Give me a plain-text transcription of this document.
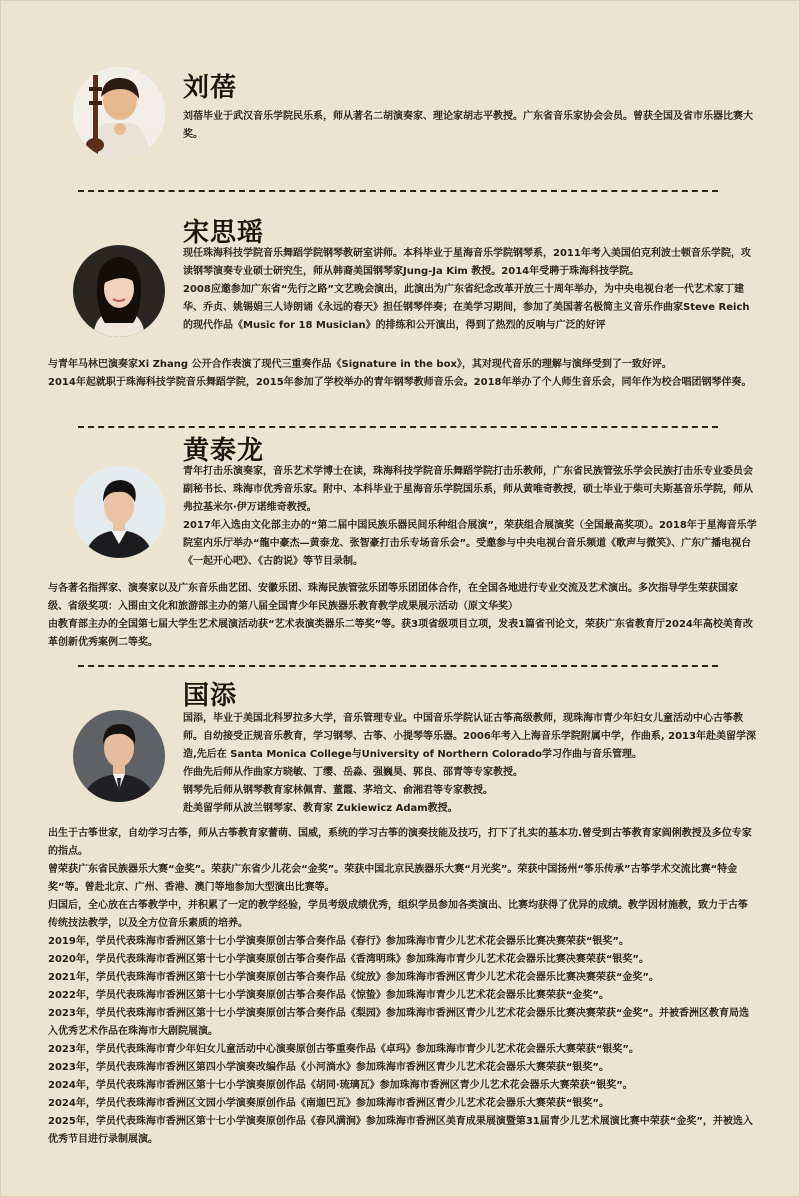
刘蓓

刘蓓毕业于武汉音乐学院民乐系，师从著名二胡演奏家、理论家胡志平教授。广东省音乐家协会会员。曾获全国及省市乐器比赛大奖。

宋思瑶

现任珠海科技学院音乐舞蹈学院钢琴教研室讲师。本科毕业于星海音乐学院钢琴系，2011年考入美国伯克利波士顿音乐学院，攻读钢琴演奏专业硕士研究生，师从韩裔美国钢琴家Jung-Ja Kim 教授。2014年受聘于珠海科技学院。

2008应邀参加广东省“先行之路”文艺晚会演出，此演出为广东省纪念改革开放三十周年举办，为中央电视台老一代艺术家丁建华、乔贞、姚锡娟三人诗朗诵《永远的春天》担任钢琴伴奏；在美学习期间，参加了美国著名极简主义音乐作曲家Steve Reich的现代作品《Music for 18 Musician》的排练和公开演出，得到了热烈的反响与广泛的好评

与青年马林巴演奏家Xi Zhang 公开合作表演了现代三重奏作品《Signature in the box》，其对现代音乐的理解与演绎受到了一致好评。

2014年起就职于珠海科技学院音乐舞蹈学院，2015年参加了学校举办的青年钢琴教师音乐会。2018年举办了个人师生音乐会，同年作为校合唱团钢琴伴奏。

黄泰龙

青年打击乐演奏家，音乐艺术学博士在读，珠海科技学院音乐舞蹈学院打击乐教师，广东省民族管弦乐学会民族打击乐专业委员会副秘书长、珠海市优秀音乐家。附中、本科毕业于星海音乐学院国乐系，师从黄唯奇教授，硕士毕业于柴可夫斯基音乐学院，师从弗拉基米尔·伊万诺维奇教授。

2017年入选由文化部主办的“第二届中国民族乐器民间乐种组合展演”，荣获组合展演奖（全国最高奖项）。2018年于星海音乐学院室内乐厅举办“龍中豪杰—黄泰龙、张智豪打击乐专场音乐会”。受邀参与中央电视台音乐频道《歌声与微笑》、广东广播电视台《一起开心吧》、《古韵说》等节目录制。

与各著名指挥家、演奏家以及广东音乐曲艺团、安徽乐团、珠海民族管弦乐团等乐团团体合作，在全国各地进行专业交流及艺术演出。多次指导学生荣获国家级、省级奖项：入围由文化和旅游部主办的第八届全国青少年民族器乐教育教学成果展示活动（原文华奖）

由教育部主办的全国第七届大学生艺术展演活动获“艺术表演类器乐二等奖”等。获3项省级项目立项，发表1篇省刊论文，荣获广东省教育厅2024年高校美育改革创新优秀案例二等奖。

国添

国添，毕业于美国北科罗拉多大学，音乐管理专业。中国音乐学院认证古筝高级教师，现珠海市青少年妇女儿童活动中心古筝教师。自幼接受正规音乐教育，学习钢琴、古筝、小提琴等乐器。2006年考入上海音乐学院附属中学，作曲系, 2013年赴美留学深造,先后在 Santa Monica College与University of Northern Colorado学习作曲与音乐管理。

作曲先后师从作曲家方晓敏、丁缨、岳淼、强巍昊、郭良、邵青等专家教授。

钢琴先后师从钢琴教育家林佩青、董霞、茅培文、俞湘君等专家教授。

赴美留学师从波兰钢琴家、教育家 Zukiewicz Adam教授。

出生于古筝世家，自幼学习古筝，师从古筝教育家蕾萌、国威，系统的学习古筝的演奏技能及技巧，打下了扎实的基本功.曾受到古筝教育家阎俐教授及多位专家的指点。

曾荣获广东省民族器乐大赛“金奖”。荣获广东省少儿花会“金奖”。荣获中国北京民族器乐大赛“月光奖”。荣获中国扬州“筝乐传承”古筝学术交流比赛“特金奖”等。曾赴北京、广州、香港、澳门等地参加大型演出比赛等。

归国后，全心放在古筝教学中，并积累了一定的教学经验，学员考级成绩优秀，组织学员参加各类演出、比赛均获得了优异的成绩。教学因材施教，致力于古筝传统技法教学，以及全方位音乐素质的培养。

2019年，学员代表珠海市香洲区第十七小学演奏原创古筝合奏作品《春行》参加珠海市青少儿艺术花会器乐比赛决赛荣获“银奖”。

2020年，学员代表珠海市香洲区第十七小学演奏原创古筝合奏作品《香湾明珠》参加珠海市青少儿艺术花会器乐比赛决赛荣获“银奖”。

2021年，学员代表珠海市香洲区第十七小学演奏原创古筝合奏作品《绽放》参加珠海市香洲区青少儿艺术花会器乐比赛决赛荣获“金奖”。

2022年，学员代表珠海市香洲区第十七小学演奏原创古筝合奏作品《惊蛰》参加珠海市青少儿艺术花会器乐比赛荣获“金奖”。

2023年，学员代表珠海市香洲区第十七小学演奏原创古筝合奏作品《梨园》参加珠海市香洲区青少儿艺术花会器乐比赛决赛荣获“金奖”。并被香洲区教育局选入优秀艺术作品在珠海市大剧院展演。

2023年，学员代表珠海市青少年妇女儿童活动中心演奏原创古筝重奏作品《卓玛》参加珠海市青少儿艺术花会器乐大赛荣获“银奖”。

2023年，学员代表珠海市香洲区第四小学演奏改编作品《小河淌水》参加珠海市香洲区青少儿艺术花会器乐大赛荣获“银奖”。

2024年，学员代表珠海市香洲区第十七小学演奏原创作品《胡同·琉璃瓦》参加珠海市香洲区青少儿艺术花会器乐大赛荣获“银奖”。

2024年，学员代表珠海市香洲区文园小学演奏原创作品《南迦巴瓦》参加珠海市香洲区青少儿艺术花会器乐大赛荣获“银奖”。

2025年，学员代表珠海市香洲区第十七小学演奏原创作品《春风满涧》参加珠海市香洲区美育成果展演暨第31届青少儿艺术展演比赛中荣获“金奖”，并被选入优秀节目进行录制展演。
